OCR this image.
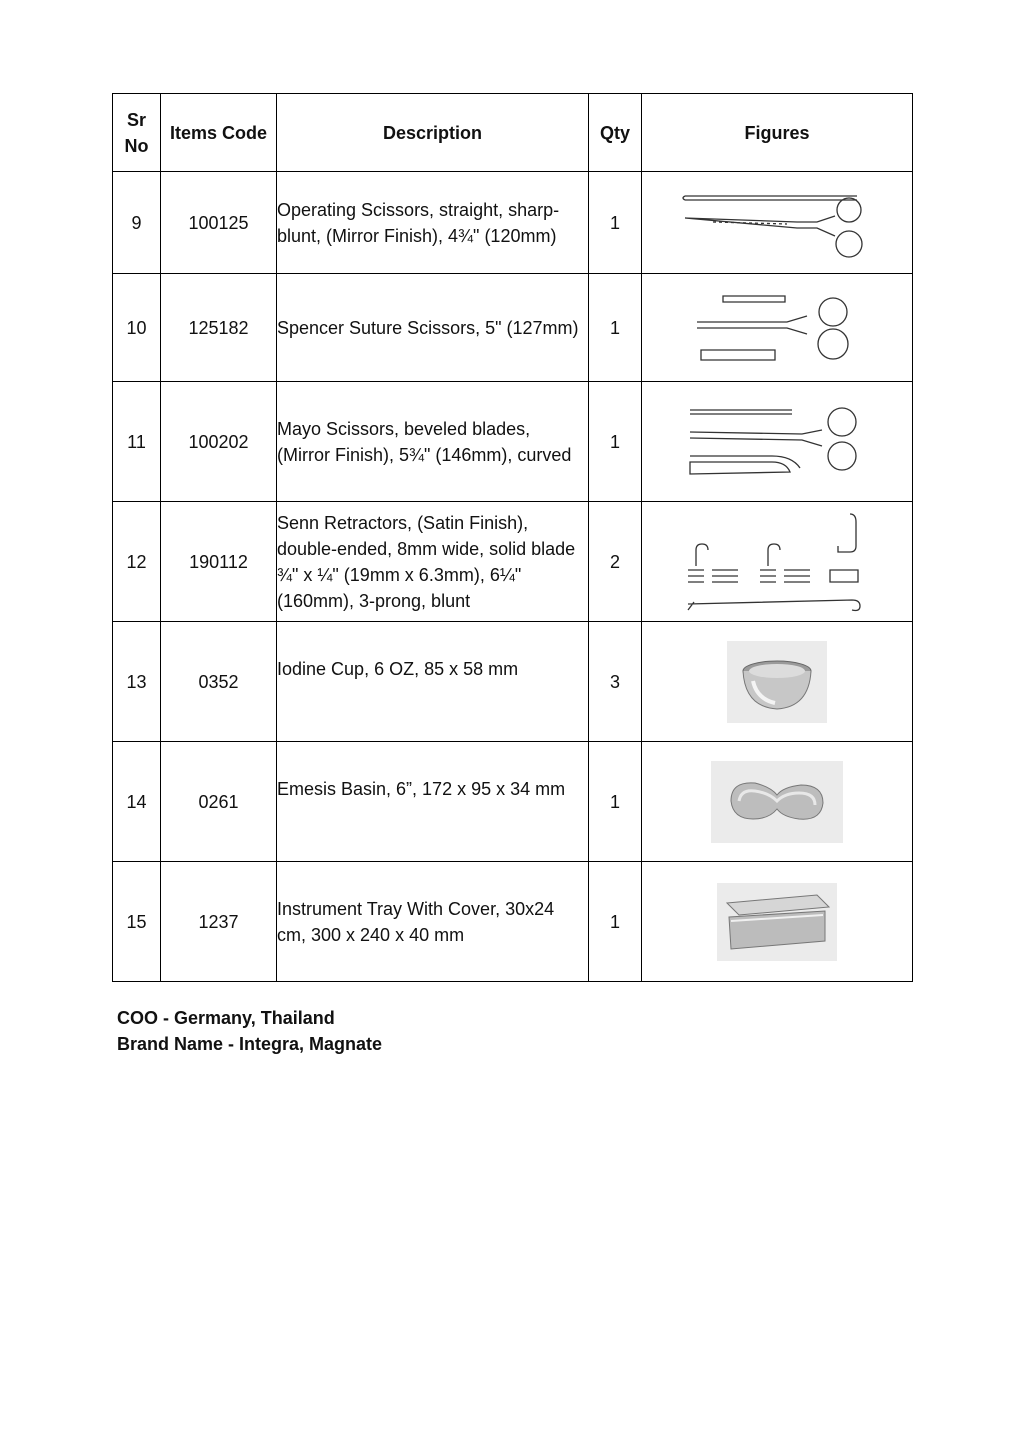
Sr No	Items Code	Description	Qty	Figures
9	100125	Operating Scissors, straight, sharp-blunt, (Mirror Finish), 4¾" (120mm)	1	

10	125182	Spencer Suture Scissors, 5" (127mm)	1	

11	100202	Mayo Scissors, beveled blades, (Mirror Finish), 5¾" (146mm), curved	1	

12	190112	Senn Retractors, (Satin Finish), double-ended, 8mm wide, solid blade ¾" x ¼" (19mm x 6.3mm), 6¼" (160mm), 3-prong, blunt	2	

13	0352	Iodine Cup, 6 OZ, 85 x 58 mm	3	

14	0261	Emesis Basin, 6”, 172 x 95 x 34 mm	1	

15	1237	Instrument Tray With Cover, 30x24 cm, 300 x 240 x 40 mm	1	
COO - Germany, Thailand
Brand Name - Integra, Magnate
